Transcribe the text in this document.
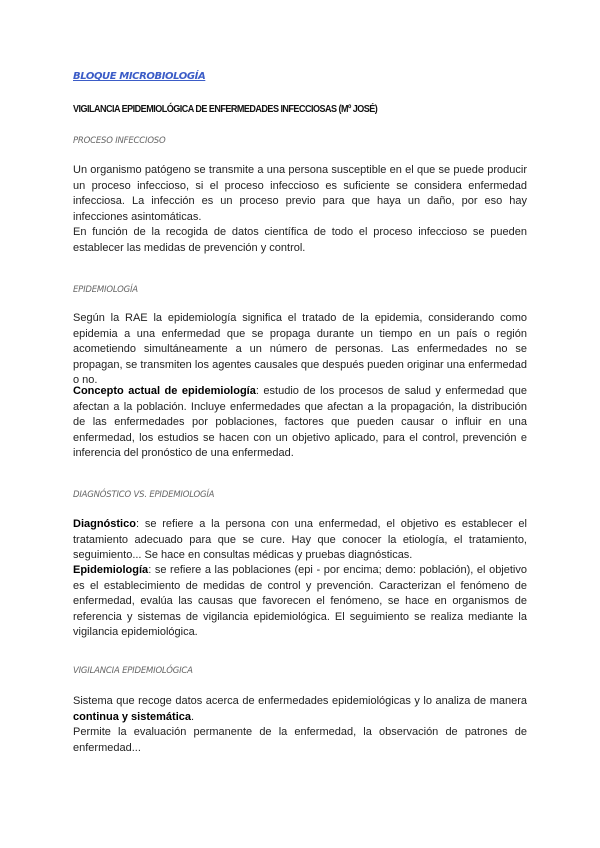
BLOQUE MICROBIOLOGÍA
VIGILANCIA EPIDEMIOLÓGICA DE ENFERMEDADES INFECCIOSAS (Mº JOSÉ)
PROCESO INFECCIOSO

Un organismo patógeno se transmite a una persona susceptible en el que se puede producir un proceso infeccioso, si el proceso infeccioso es suficiente se considera enfermedad infecciosa. La infección es un proceso previo para que haya un daño, por eso hay infecciones asintomáticas.

En función de la recogida de datos científica de todo el proceso infeccioso se pueden establecer las medidas de prevención y control.

EPIDEMIOLOGÍA

Según la RAE la epidemiología significa el tratado de la epidemia, considerando como epidemia a una enfermedad que se propaga durante un tiempo en un país o región acometiendo simultáneamente a un número de personas. Las enfermedades no se propagan, se transmiten los agentes causales que después pueden originar una enfermedad o no.

Concepto actual de epidemiología: estudio de los procesos de salud y enfermedad que afectan a la población. Incluye enfermedades que afectan a la propagación, la distribución de las enfermedades por poblaciones, factores que pueden causar o influir en una enfermedad, los estudios se hacen con un objetivo aplicado, para el control, prevención e inferencia del pronóstico de una enfermedad.

DIAGNÓSTICO VS. EPIDEMIOLOGÍA

Diagnóstico: se refiere a la persona con una enfermedad, el objetivo es establecer el tratamiento adecuado para que se cure. Hay que conocer la etiología, el tratamiento, seguimiento... Se hace en consultas médicas y pruebas diagnósticas.

Epidemiología: se refiere a las poblaciones (epi - por encima; demo: población), el objetivo es el establecimiento de medidas de control y prevención. Caracterizan el fenómeno de enfermedad, evalúa las causas que favorecen el fenómeno, se hace en organismos de referencia y sistemas de vigilancia epidemiológica. El seguimiento se realiza mediante la vigilancia epidemiológica.

VIGILANCIA EPIDEMIOLÓGICA

Sistema que recoge datos acerca de enfermedades epidemiológicas y lo analiza de manera continua y sistemática.

Permite la evaluación permanente de la enfermedad, la observación de patrones de enfermedad...
